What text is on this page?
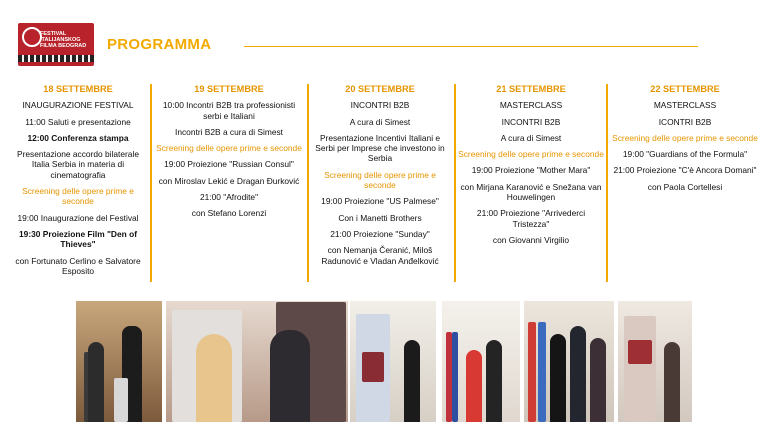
FESTIVAL ITALIJANSKOG FILMA BEOGRAD	PROGRAMMA
18 SETTEMBRE

INAUGURAZIONE FESTIVAL

11:00 Saluti e presentazione

12:00 Conferenza stampa

Presentazione accordo bilaterale Italia Serbia in materia di cinematografia

Screening delle opere prime e seconde

19:00 Inaugurazione del Festival

19:30 Proiezione Film "Den of Thieves"

con Fortunato Cerlino e Salvatore Esposito

19 SETTEMBRE

10:00 Incontri B2B tra professionisti serbi e Italiani

Incontri B2B a cura di Simest

Screening delle opere prime e seconde

19:00 Proiezione "Russian Consul"

con Miroslav Lekić e Dragan Đurković

21:00 "Afrodite"

con Stefano Lorenzi

20 SETTEMBRE

INCONTRI B2B

A cura di Simest

Presentazione Incentivi Italiani e Serbi per Imprese che investono in Serbia

Screening delle opere prime e seconde

19:00 Proiezione "US Palmese"

Con i Manetti Brothers

21:00 Proiezione "Sunday"

con Nemanja Čeranić, Miloš Radunović e Vladan Anđelković

21 SETTEMBRE

MASTERCLASS

INCONTRI B2B

A cura di Simest

Screening delle opere prime e seconde

19:00 Proiezione "Mother Mara"

con Mirjana Karanović e Snežana van Houwelingen

21:00 Proiezione "Arrivederci Tristezza"

con Giovanni Virgilio

22 SETTEMBRE

MASTERCLASS

ICONTRI B2B

Screening delle opere prime e seconde

19:00 "Guardians of the Formula"

21:00 Proiezione "C'è Ancora Domani"

con Paola Cortellesi
